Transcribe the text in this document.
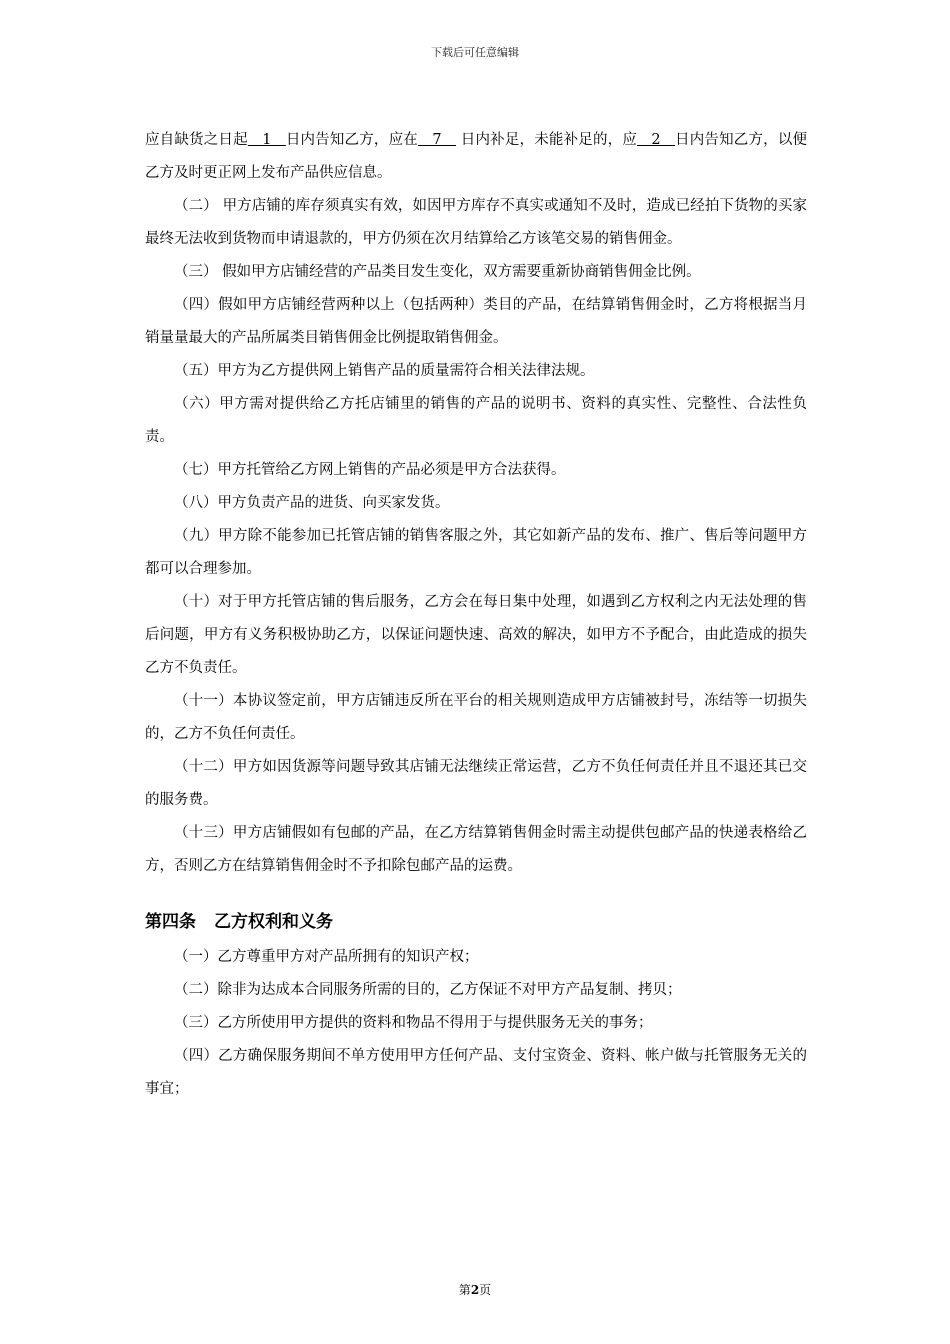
下载后可任意编辑

应自缺货之日起   1   日内告知乙方，应在   7    日内补足，未能补足的，应   2   日内告知乙方，以便乙方及时更正网上发布产品供应信息。

（二） 甲方店铺的库存须真实有效，如因甲方库存不真实或通知不及时，造成已经拍下货物的买家最终无法收到货物而申请退款的，甲方仍须在次月结算给乙方该笔交易的销售佣金。

（三） 假如甲方店铺经营的产品类目发生变化，双方需要重新协商销售佣金比例。

（四）假如甲方店铺经营两种以上（包括两种）类目的产品，在结算销售佣金时，乙方将根据当月销量量最大的产品所属类目销售佣金比例提取销售佣金。

（五）甲方为乙方提供网上销售产品的质量需符合相关法律法规。

（六）甲方需对提供给乙方托店铺里的销售的产品的说明书、资料的真实性、完整性、合法性负责。

（七）甲方托管给乙方网上销售的产品必须是甲方合法获得。

（八）甲方负责产品的进货、向买家发货。

（九）甲方除不能参加已托管店铺的销售客服之外，其它如新产品的发布、推广、售后等问题甲方都可以合理参加。

（十）对于甲方托管店铺的售后服务，乙方会在每日集中处理，如遇到乙方权利之内无法处理的售后问题，甲方有义务积极协助乙方，以保证问题快速、高效的解决，如甲方不予配合，由此造成的损失乙方不负责任。

（十一）本协议签定前，甲方店铺违反所在平台的相关规则造成甲方店铺被封号，冻结等一切损失的，乙方不负任何责任。

（十二）甲方如因货源等问题导致其店铺无法继续正常运营，乙方不负任何责任并且不退还其已交的服务费。

（十三）甲方店铺假如有包邮的产品，在乙方结算销售佣金时需主动提供包邮产品的快递表格给乙方，否则乙方在结算销售佣金时不予扣除包邮产品的运费。

第四条 乙方权利和义务

（一）乙方尊重甲方对产品所拥有的知识产权；

（二）除非为达成本合同服务所需的目的，乙方保证不对甲方产品复制、拷贝；

（三）乙方所使用甲方提供的资料和物品不得用于与提供服务无关的事务；

（四）乙方确保服务期间不单方使用甲方任何产品、支付宝资金、资料、帐户做与托管服务无关的事宜；

第2页
